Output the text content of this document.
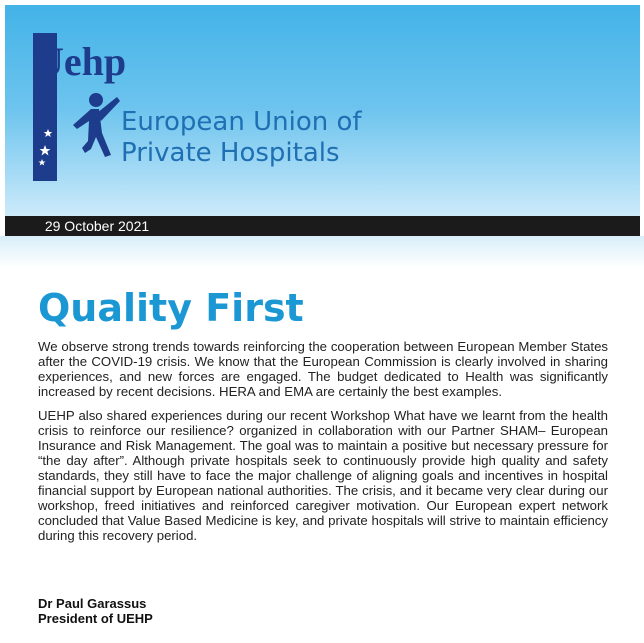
Uehp
European Union of
Private Hospitals
29 October 2021
Quality First

We observe strong trends towards reinforcing the cooperation between European Member States after the COVID-19 crisis. We know that the European Commission is clearly involved in sharing experiences, and new forces are engaged. The budget dedicated to Health was significantly increased by recent decisions. HERA and EMA are certainly the best examples.

UEHP also shared experiences during our recent Workshop What have we learnt from the health crisis to reinforce our resilience? organized in collaboration with our Partner SHAM– European Insurance and Risk Management. The goal was to maintain a positive but necessary pressure for “the day after”. Although private hospitals seek to continuously provide high quality and safety standards, they still have to face the major challenge of aligning goals and incentives in hospital financial support by European national authorities. The crisis, and it became very clear during our workshop, freed initiatives and reinforced caregiver motivation. Our European expert network concluded that Value Based Medicine is key, and private hospitals will strive to maintain efficiency during this recovery period.

Dr Paul Garassus
President of UEHP
